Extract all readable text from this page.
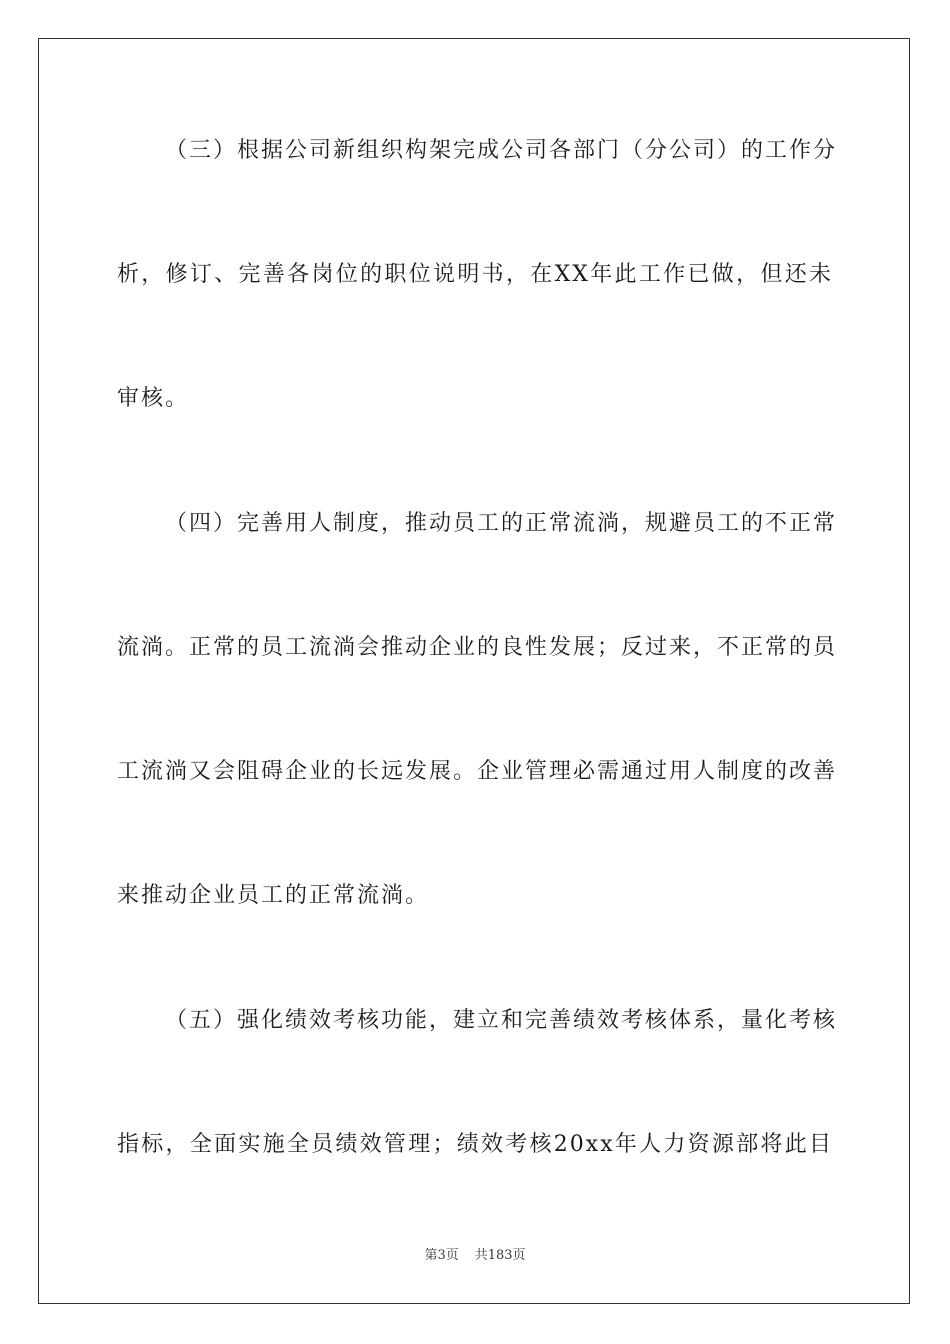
（三）根据公司新组织构架完成公司各部门（分公司）的工作分
析，修订、完善各岗位的职位说明书，在XX年此工作已做，但还未
审核。
（四）完善用人制度，推动员工的正常流淌，规避员工的不正常
流淌。正常的员工流淌会推动企业的良性发展；反过来，不正常的员
工流淌又会阻碍企业的长远发展。企业管理必需通过用人制度的改善
来推动企业员工的正常流淌。
（五）强化绩效考核功能，建立和完善绩效考核体系，量化考核
指标，全面实施全员绩效管理；绩效考核20xx年人力资源部将此目
第3页 共183页
